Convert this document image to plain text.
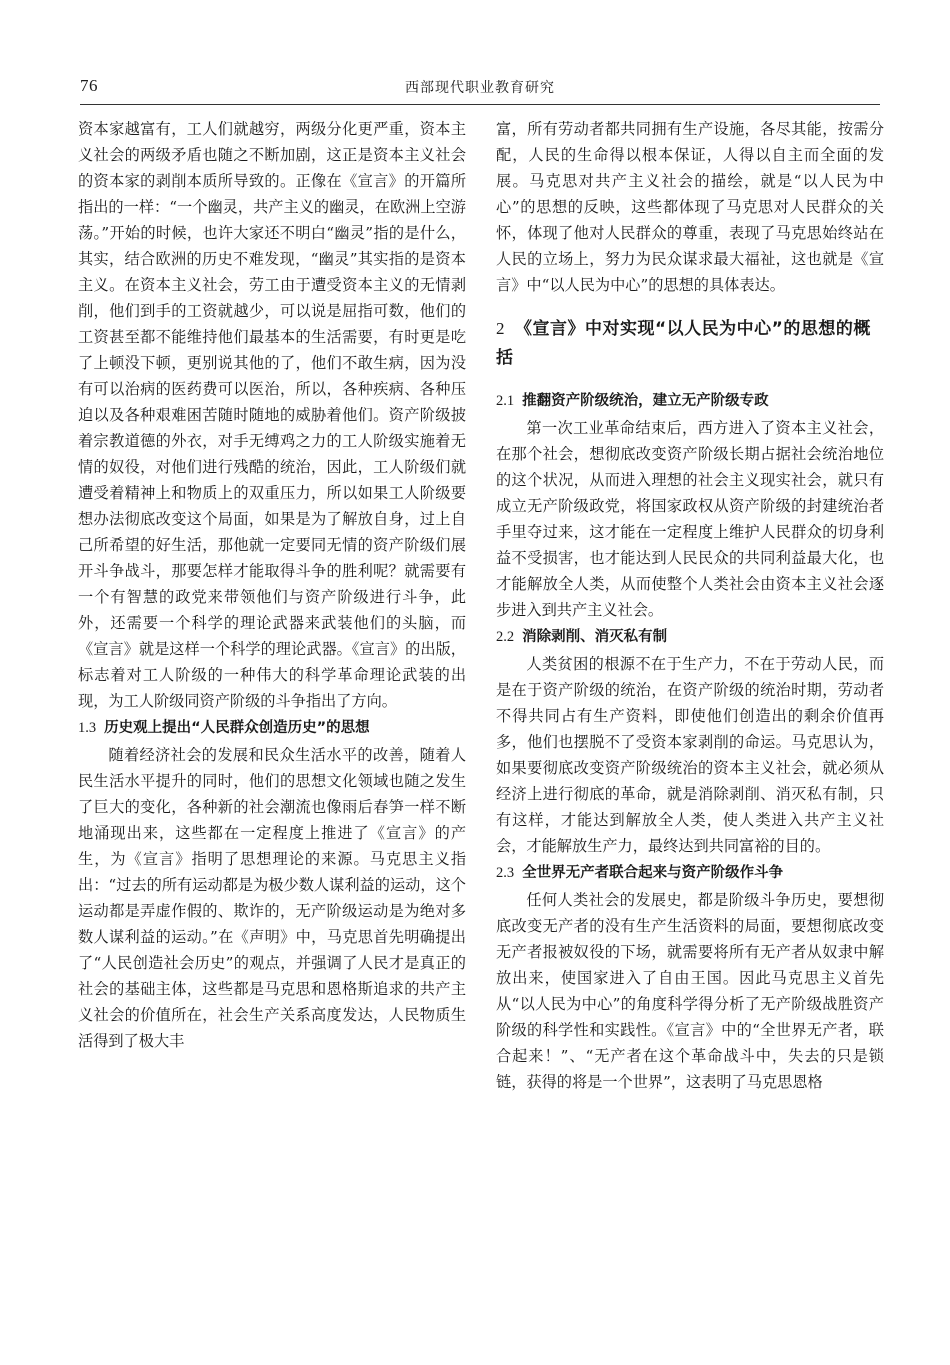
76	西部现代职业教育研究

资本家越富有，工人们就越穷，两级分化更严重，资本主义社会的两级矛盾也随之不断加剧，这正是资本主义社会的资本家的剥削本质所导致的。正像在《宣言》的开篇所指出的一样：“一个幽灵，共产主义的幽灵，在欧洲上空游荡。”开始的时候，也许大家还不明白“幽灵”指的是什么，其实，结合欧洲的历史不难发现，“幽灵”其实指的是资本主义。在资本主义社会，劳工由于遭受资本主义的无情剥削，他们到手的工资就越少，可以说是屈指可数，他们的工资甚至都不能维持他们最基本的生活需要，有时更是吃了上顿没下顿，更别说其他的了，他们不敢生病，因为没有可以治病的医药费可以医治，所以，各种疾病、各种压迫以及各种艰难困苦随时随地的威胁着他们。资产阶级披着宗教道德的外衣，对手无缚鸡之力的工人阶级实施着无情的奴役，对他们进行残酷的统治，因此，工人阶级们就遭受着精神上和物质上的双重压力，所以如果工人阶级要想办法彻底改变这个局面，如果是为了解放自身，过上自己所希望的好生活，那他就一定要同无情的资产阶级们展开斗争战斗，那要怎样才能取得斗争的胜利呢？就需要有一个有智慧的政党来带领他们与资产阶级进行斗争，此外，还需要一个科学的理论武器来武装他们的头脑，而《宣言》就是这样一个科学的理论武器。《宣言》的出版，标志着对工人阶级的一种伟大的科学革命理论武装的出现，为工人阶级同资产阶级的斗争指出了方向。

1.3 历史观上提出“人民群众创造历史”的思想

随着经济社会的发展和民众生活水平的改善，随着人民生活水平提升的同时，他们的思想文化领域也随之发生了巨大的变化，各种新的社会潮流也像雨后春笋一样不断地涌现出来，这些都在一定程度上推进了《宣言》的产生，为《宣言》指明了思想理论的来源。马克思主义指出：“过去的所有运动都是为极少数人谋利益的运动，这个运动都是弄虚作假的、欺诈的，无产阶级运动是为绝对多数人谋利益的运动。”在《声明》中，马克思首先明确提出了“人民创造社会历史”的观点，并强调了人民才是真正的社会的基础主体，这些都是马克思和恩格斯追求的共产主义社会的价值所在，社会生产关系高度发达，人民物质生活得到了极大丰

富，所有劳动者都共同拥有生产设施，各尽其能，按需分配，人民的生命得以根本保证，人得以自主而全面的发展。马克思对共产主义社会的描绘，就是“以人民为中心”的思想的反映，这些都体现了马克思对人民群众的关怀，体现了他对人民群众的尊重，表现了马克思始终站在人民的立场上，努力为民众谋求最大福祉，这也就是《宣言》中“以人民为中心”的思想的具体表达。

2 《宣言》中对实现“以人民为中心”的思想的概括
2.1 推翻资产阶级统治，建立无产阶级专政

第一次工业革命结束后，西方进入了资本主义社会，在那个社会，想彻底改变资产阶级长期占据社会统治地位的这个状况，从而进入理想的社会主义现实社会，就只有成立无产阶级政党，将国家政权从资产阶级的封建统治者手里夺过来，这才能在一定程度上维护人民群众的切身利益不受损害，也才能达到人民民众的共同利益最大化，也才能解放全人类，从而使整个人类社会由资本主义社会逐步进入到共产主义社会。

2.2 消除剥削、消灭私有制

人类贫困的根源不在于生产力，不在于劳动人民，而是在于资产阶级的统治，在资产阶级的统治时期，劳动者不得共同占有生产资料，即使他们创造出的剩余价值再多，他们也摆脱不了受资本家剥削的命运。马克思认为，如果要彻底改变资产阶级统治的资本主义社会，就必须从经济上进行彻底的革命，就是消除剥削、消灭私有制，只有这样，才能达到解放全人类，使人类进入共产主义社会，才能解放生产力，最终达到共同富裕的目的。

2.3 全世界无产者联合起来与资产阶级作斗争

任何人类社会的发展史，都是阶级斗争历史，要想彻底改变无产者的没有生产生活资料的局面，要想彻底改变无产者报被奴役的下场，就需要将所有无产者从奴隶中解放出来，使国家进入了自由王国。因此马克思主义首先从“以人民为中心”的角度科学得分析了无产阶级战胜资产阶级的科学性和实践性。《宣言》中的“全世界无产者，联合起来！”、“无产者在这个革命战斗中，失去的只是锁链，获得的将是一个世界”，这表明了马克思恩格
